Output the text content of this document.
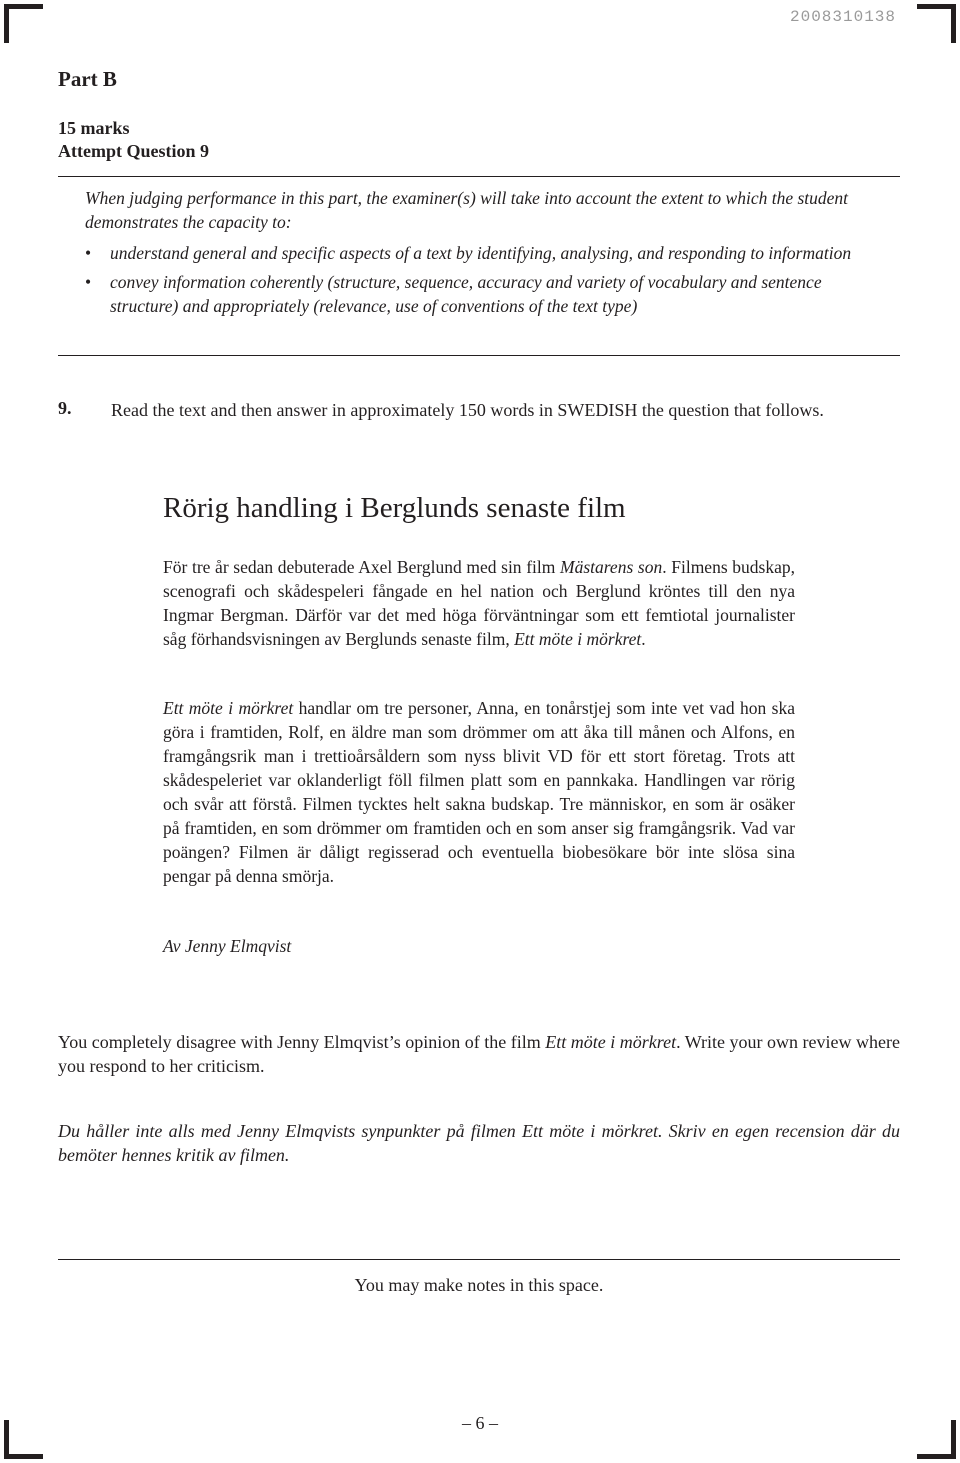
2008310138
Part B
15 marks
Attempt Question 9

When judging performance in this part, the examiner(s) will take into account the extent to which the student demonstrates the capacity to:

• understand general and specific aspects of a text by identifying, analysing, and responding to information
• convey information coherently (structure, sequence, accuracy and variety of vocabulary and sentence structure) and appropriately (relevance, use of conventions of the text type)
9. Read the text and then answer in approximately 150 words in SWEDISH the question that follows.
Rörig handling i Berglunds senaste film

För tre år sedan debuterade Axel Berglund med sin film Mästarens son. Filmens budskap, scenografi och skådespeleri fångade en hel nation och Berglund kröntes till den nya Ingmar Bergman. Därför var det med höga förväntningar som ett femtiotal journalister såg förhandsvisningen av Berglunds senaste film, Ett möte i mörkret.

Ett möte i mörkret handlar om tre personer, Anna, en tonårstjej som inte vet vad hon ska göra i framtiden, Rolf, en äldre man som drömmer om att åka till månen och Alfons, en framgångsrik man i trettioårsåldern som nyss blivit VD för ett stort företag. Trots att skådespeleriet var oklanderligt föll filmen platt som en pannkaka. Handlingen var rörig och svår att förstå. Filmen tycktes helt sakna budskap. Tre människor, en som är osäker på framtiden, en som drömmer om framtiden och en som anser sig framgångsrik. Vad var poängen? Filmen är dåligt regisserad och eventuella biobesökare bör inte slösa sina pengar på denna smörja.

Av Jenny Elmqvist
You completely disagree with Jenny Elmqvist’s opinion of the film Ett möte i mörkret. Write your own review where you respond to her criticism.
Du håller inte alls med Jenny Elmqvists synpunkter på filmen Ett möte i mörkret. Skriv en egen recension där du bemöter hennes kritik av filmen.
You may make notes in this space.
– 6 –
